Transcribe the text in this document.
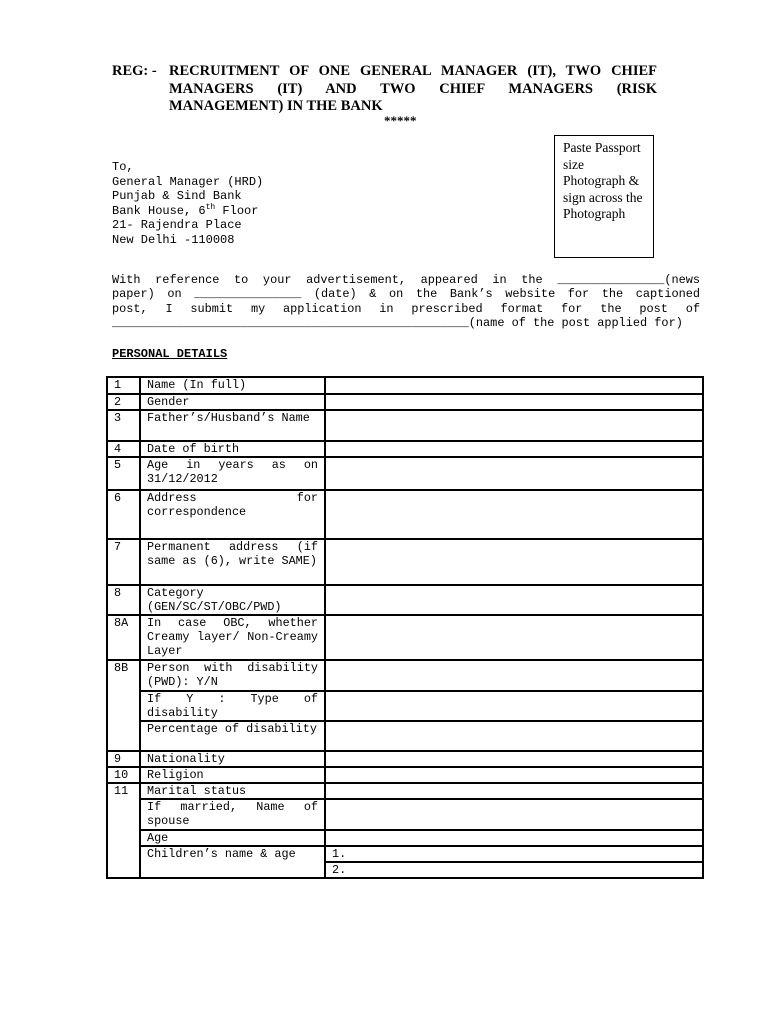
REG: - RECRUITMENT OF ONE GENERAL MANAGER (IT), TWO CHIEF
MANAGERS (IT) AND TWO CHIEF MANAGERS (RISK
MANAGEMENT) IN THE BANK
*****
Paste Passport
size
Photograph &
sign across the
Photograph
To,
General Manager (HRD)
Punjab & Sind Bank
Bank House, 6th Floor
21- Rajendra Place
New Delhi -110008
With reference to your advertisement, appeared in the _______________(news
paper) on _______________ (date) & on the Bank’s website for the captioned
post, I submit my application in prescribed format for the post of
__________________________________________________(name of the post applied for)
PERSONAL DETAILS
1	Name (In full)	
2	Gender	
3	Father’s/Husband’s Name	
4	Date of birth	
5	Age in years as on 31/12/2012	
6	Address for correspondence	
7	Permanent address (if same as (6), write SAME)	
8	Category (GEN/SC/ST/OBC/PWD)	
8A	In case OBC, whether Creamy layer/ Non-Creamy Layer	
8B	Person with disability (PWD): Y/N	
	If Y : Type of disability	
	Percentage of disability	
9	Nationality	
10	Religion	
11	Marital status	
	If married, Name of spouse	
	Age	
	Children’s name & age	1.
		2.
